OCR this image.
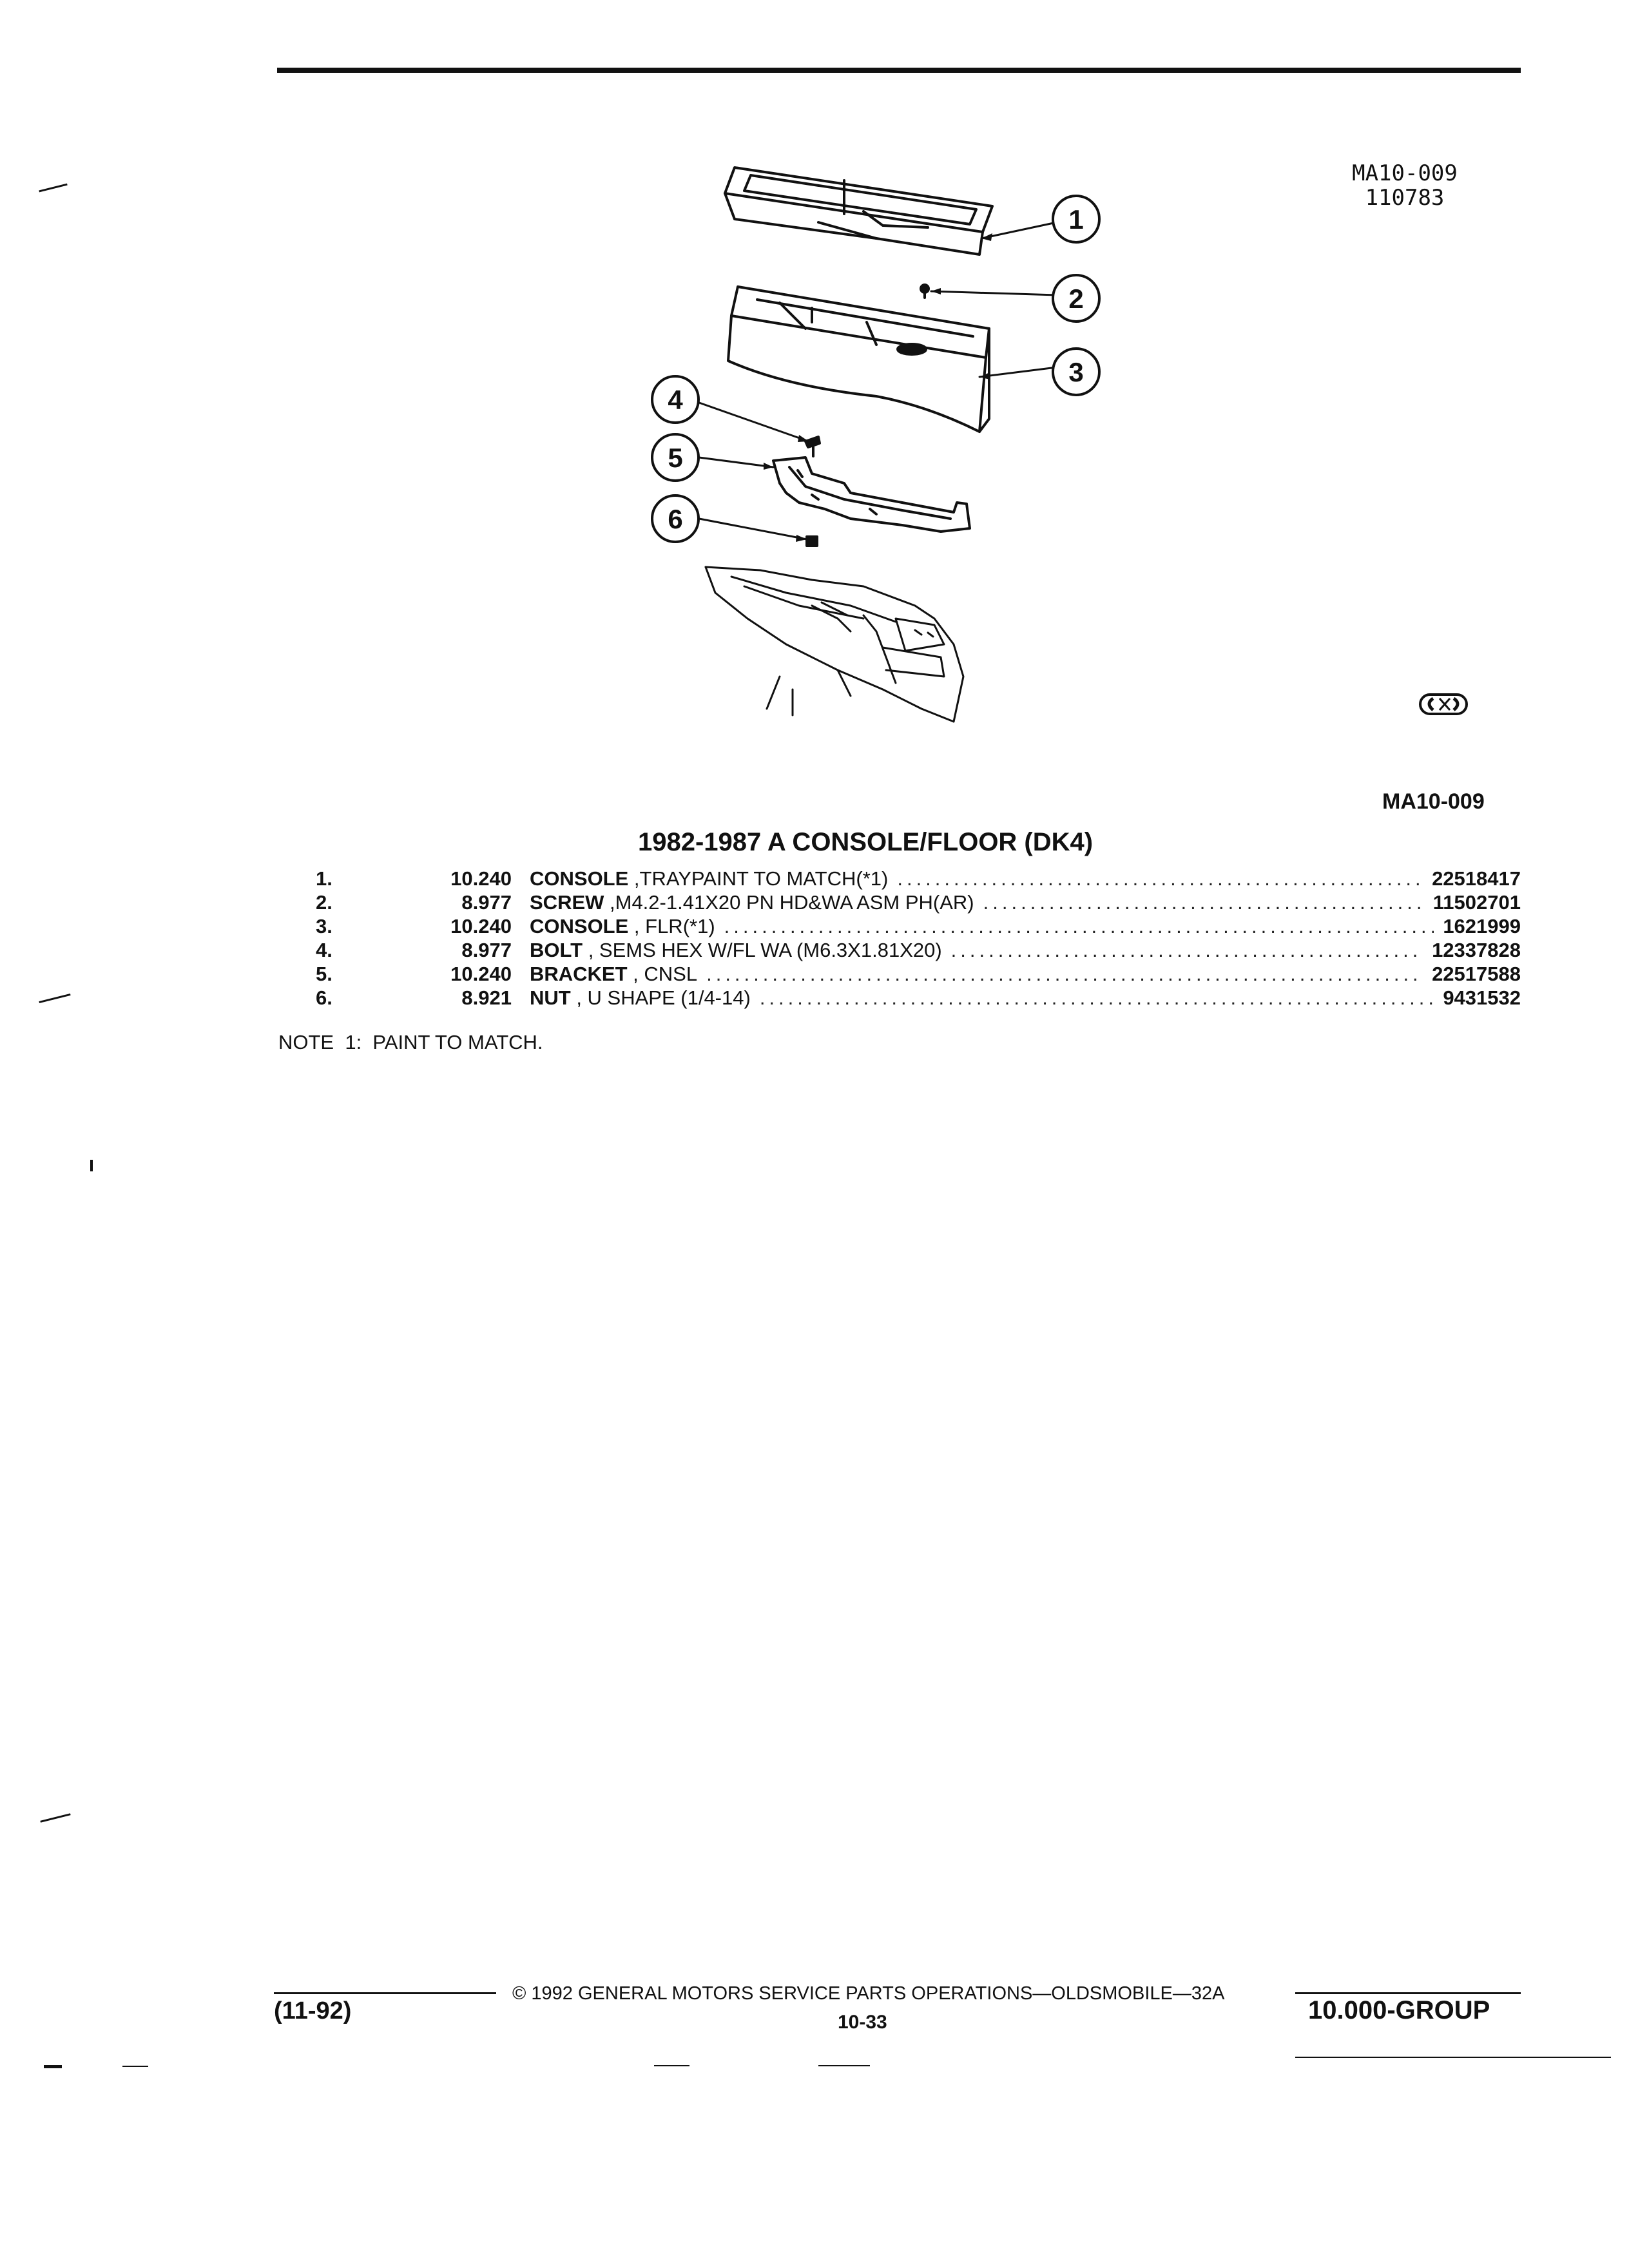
MA10-009
110783
1
2
3
4
5
6
MA10-009
1982-1987 A CONSOLE/FLOOR (DK4)
1.	10.240 CONSOLE ,TRAYPAINT TO MATCH(*1) .....	22518417
2.	8.977 SCREW ,M4.2-1.41X20 PN HD&WA ASM PH(AR) .....	11502701
3.	10.240 CONSOLE , FLR(*1) .....	1621999
4.	8.977 BOLT , SEMS HEX W/FL WA (M6.3X1.81X20) .....	12337828
5.	10.240 BRACKET , CNSL .....	22517588
6.	8.921 NUT , U SHAPE (1/4-14) .....	9431532
NOTE  1:  PAINT TO MATCH.
© 1992 GENERAL MOTORS SERVICE PARTS OPERATIONS—OLDSMOBILE—32A
(11-92)	10-33	10.000-GROUP
